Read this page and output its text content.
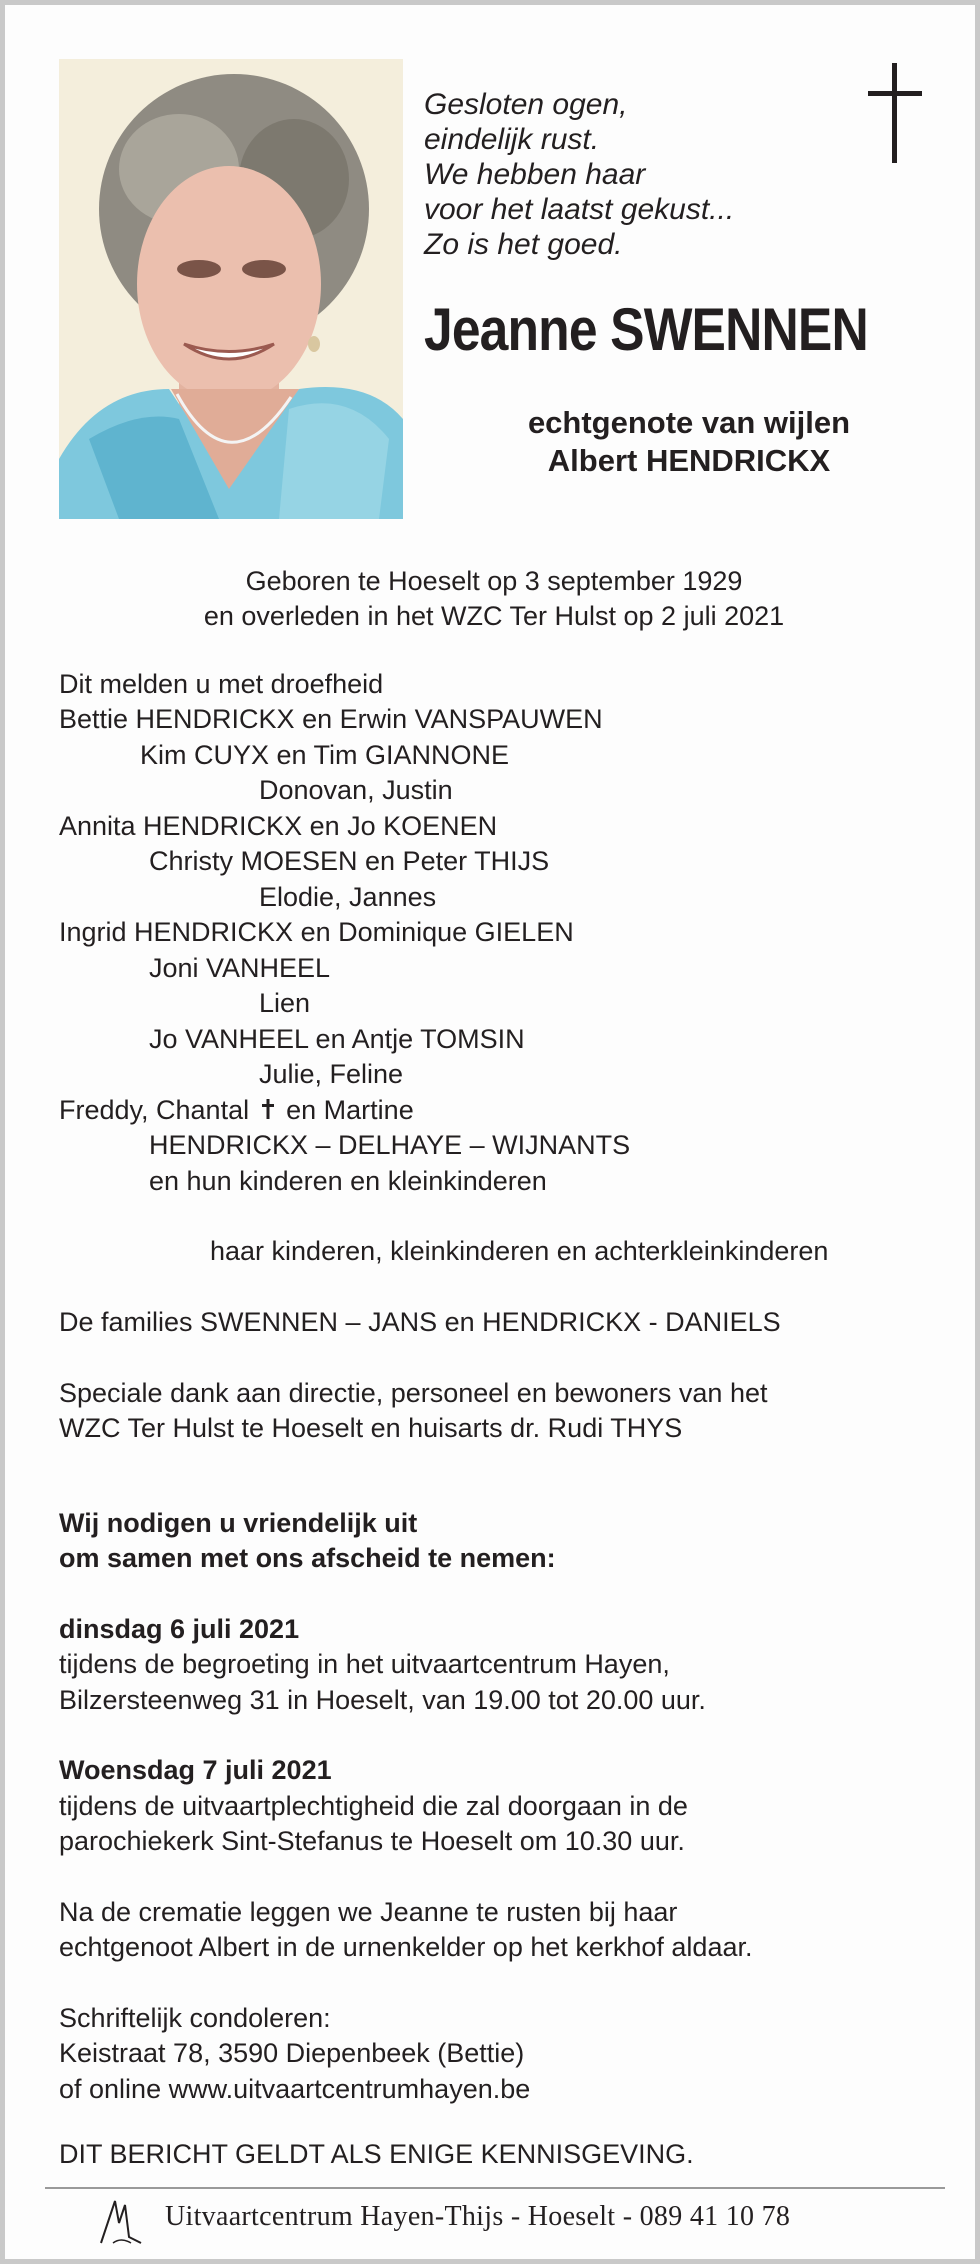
Gesloten ogen,
eindelijk rust.
We hebben haar
voor het laatst gekust...
Zo is het goed.
Jeanne SWENNEN
echtgenote van wijlen
Albert HENDRICKX
Geboren te Hoeselt op 3 september 1929
en overleden in het WZC Ter Hulst op 2 juli 2021
Dit melden u met droefheid
Bettie HENDRICKX en Erwin VANSPAUWEN
Kim CUYX en Tim GIANNONE
Donovan, Justin
Annita HENDRICKX en Jo KOENEN
Christy MOESEN en Peter THIJS
Elodie, Jannes
Ingrid HENDRICKX en Dominique GIELEN
Joni VANHEEL
Lien
Jo VANHEEL en Antje TOMSIN
Julie, Feline
Freddy, Chantal en Martine
HENDRICKX – DELHAYE – WIJNANTS
en hun kinderen en kleinkinderen
haar kinderen, kleinkinderen en achterkleinkinderen
De families SWENNEN – JANS en HENDRICKX - DANIELS
Speciale dank aan directie, personeel en bewoners van het
WZC Ter Hulst te Hoeselt en huisarts dr. Rudi THYS
Wij nodigen u vriendelijk uit
om samen met ons afscheid te nemen:
dinsdag 6 juli 2021
tijdens de begroeting in het uitvaartcentrum Hayen,
Bilzersteenweg 31 in Hoeselt, van 19.00 tot 20.00 uur.
Woensdag 7 juli 2021
tijdens de uitvaartplechtigheid die zal doorgaan in de
parochiekerk Sint-Stefanus te Hoeselt om 10.30 uur.
Na de crematie leggen we Jeanne te rusten bij haar
echtgenoot Albert in de urnenkelder op het kerkhof aldaar.
Schriftelijk condoleren:
Keistraat 78, 3590 Diepenbeek (Bettie)
of online www.uitvaartcentrumhayen.be
DIT BERICHT GELDT ALS ENIGE KENNISGEVING.
Uitvaartcentrum Hayen-Thijs - Hoeselt - 089 41 10 78
